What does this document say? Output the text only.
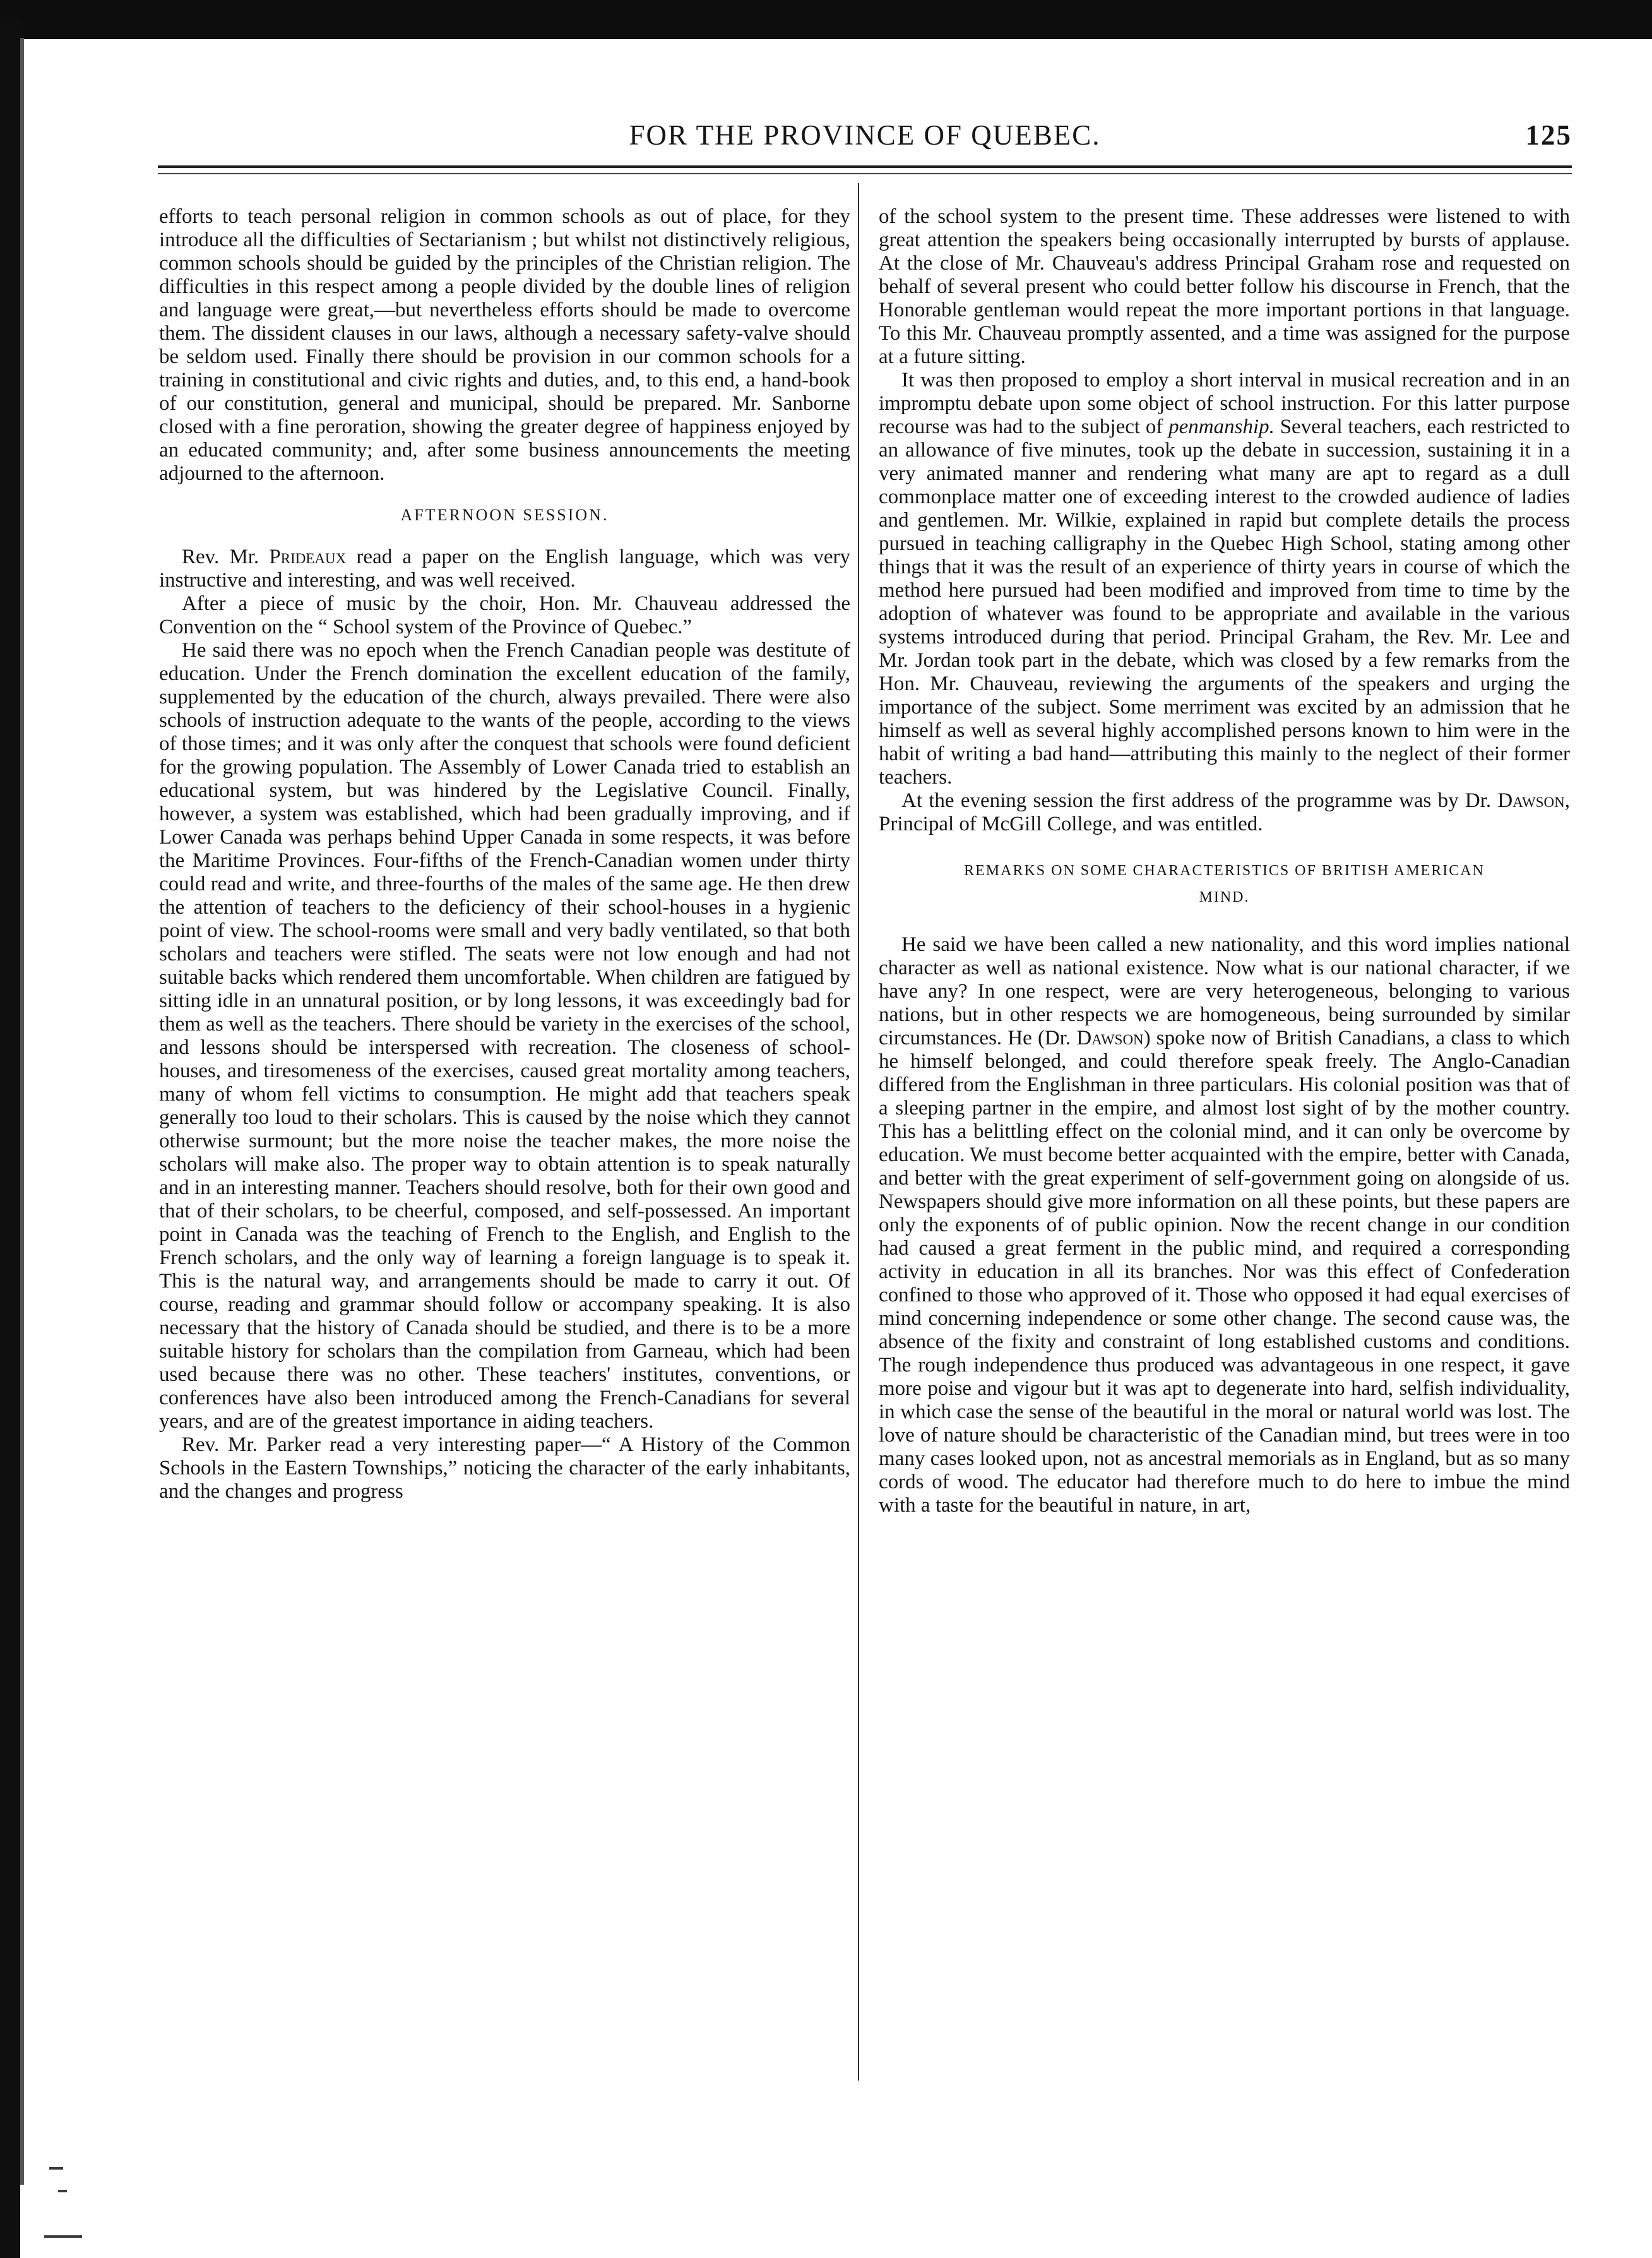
FOR THE PROVINCE OF QUEBEC.	125

efforts to teach personal religion in common schools as out of place, for they introduce all the difficulties of Sectarianism ; but whilst not distinctively religious, common schools should be guided by the principles of the Christian religion. The difficulties in this respect among a people divided by the double lines of religion and language were great,—but nevertheless efforts should be made to overcome them. The dissident clauses in our laws, although a necessary safety-valve should be seldom used. Finally there should be provision in our common schools for a training in constitutional and civic rights and duties, and, to this end, a hand-book of our constitution, general and municipal, should be prepared. Mr. Sanborne closed with a fine peroration, showing the greater degree of happiness enjoyed by an educated community; and, after some business announcements the meeting adjourned to the afternoon.

AFTERNOON SESSION.

Rev. Mr. Prideaux read a paper on the English language, which was very instructive and interesting, and was well received.

After a piece of music by the choir, Hon. Mr. Chauveau addressed the Convention on the “ School system of the Province of Quebec.”

He said there was no epoch when the French Canadian people was destitute of education. Under the French domination the excellent education of the family, supplemented by the education of the church, always prevailed. There were also schools of instruction adequate to the wants of the people, according to the views of those times; and it was only after the conquest that schools were found deficient for the growing population. The Assembly of Lower Canada tried to establish an educational system, but was hindered by the Legislative Council. Finally, however, a system was established, which had been gradually improving, and if Lower Canada was perhaps behind Upper Canada in some respects, it was before the Maritime Provinces. Four-fifths of the French-Canadian women under thirty could read and write, and three-fourths of the males of the same age. He then drew the attention of teachers to the deficiency of their school-houses in a hygienic point of view. The school-rooms were small and very badly ventilated, so that both scholars and teachers were stifled. The seats were not low enough and had not suitable backs which rendered them uncomfortable. When children are fatigued by sitting idle in an unnatural position, or by long lessons, it was exceedingly bad for them as well as the teachers. There should be variety in the exercises of the school, and lessons should be interspersed with recreation. The closeness of school-houses, and tiresomeness of the exercises, caused great mortality among teachers, many of whom fell victims to consumption. He might add that teachers speak generally too loud to their scholars. This is caused by the noise which they cannot otherwise surmount; but the more noise the teacher makes, the more noise the scholars will make also. The proper way to obtain attention is to speak naturally and in an interesting manner. Teachers should resolve, both for their own good and that of their scholars, to be cheerful, composed, and self-possessed. An important point in Canada was the teaching of French to the English, and English to the French scholars, and the only way of learning a foreign language is to speak it. This is the natural way, and arrangements should be made to carry it out. Of course, reading and grammar should follow or accompany speaking. It is also necessary that the history of Canada should be studied, and there is to be a more suitable history for scholars than the compilation from Garneau, which had been used because there was no other. These teachers' institutes, conventions, or conferences have also been introduced among the French-Canadians for several years, and are of the greatest importance in aiding teachers.

Rev. Mr. Parker read a very interesting paper—“ A History of the Common Schools in the Eastern Townships,” noticing the character of the early inhabitants, and the changes and progress

of the school system to the present time. These addresses were listened to with great attention the speakers being occasionally interrupted by bursts of applause. At the close of Mr. Chauveau's address Principal Graham rose and requested on behalf of several present who could better follow his discourse in French, that the Honorable gentleman would repeat the more important portions in that language. To this Mr. Chauveau promptly assented, and a time was assigned for the purpose at a future sitting.

It was then proposed to employ a short interval in musical recreation and in an impromptu debate upon some object of school instruction. For this latter purpose recourse was had to the subject of penmanship. Several teachers, each restricted to an allowance of five minutes, took up the debate in succession, sustaining it in a very animated manner and rendering what many are apt to regard as a dull commonplace matter one of exceeding interest to the crowded audience of ladies and gentlemen. Mr. Wilkie, explained in rapid but complete details the process pursued in teaching calligraphy in the Quebec High School, stating among other things that it was the result of an experience of thirty years in course of which the method here pursued had been modified and improved from time to time by the adoption of whatever was found to be appropriate and available in the various systems introduced during that period. Principal Graham, the Rev. Mr. Lee and Mr. Jordan took part in the debate, which was closed by a few remarks from the Hon. Mr. Chauveau, reviewing the arguments of the speakers and urging the importance of the subject. Some merriment was excited by an admission that he himself as well as several highly accomplished persons known to him were in the habit of writing a bad hand—attributing this mainly to the neglect of their former teachers.

At the evening session the first address of the programme was by Dr. Dawson, Principal of McGill College, and was entitled.

REMARKS ON SOME CHARACTERISTICS OF BRITISH AMERICAN
MIND.

He said we have been called a new nationality, and this word implies national character as well as national existence. Now what is our national character, if we have any? In one respect, were are very heterogeneous, belonging to various nations, but in other respects we are homogeneous, being surrounded by similar circumstances. He (Dr. Dawson) spoke now of British Canadians, a class to which he himself belonged, and could therefore speak freely. The Anglo-Canadian differed from the Englishman in three particulars. His colonial position was that of a sleeping partner in the empire, and almost lost sight of by the mother country. This has a belittling effect on the colonial mind, and it can only be overcome by education. We must become better acquainted with the empire, better with Canada, and better with the great experiment of self-government going on alongside of us. Newspapers should give more information on all these points, but these papers are only the exponents of of public opinion. Now the recent change in our condition had caused a great ferment in the public mind, and required a corresponding activity in education in all its branches. Nor was this effect of Confederation confined to those who approved of it. Those who opposed it had equal exercises of mind concerning independence or some other change. The second cause was, the absence of the fixity and constraint of long established customs and conditions. The rough independence thus produced was advantageous in one respect, it gave more poise and vigour but it was apt to degenerate into hard, selfish individuality, in which case the sense of the beautiful in the moral or natural world was lost. The love of nature should be characteristic of the Canadian mind, but trees were in too many cases looked upon, not as ancestral memorials as in England, but as so many cords of wood. The educator had therefore much to do here to imbue the mind with a taste for the beautiful in nature, in art,
